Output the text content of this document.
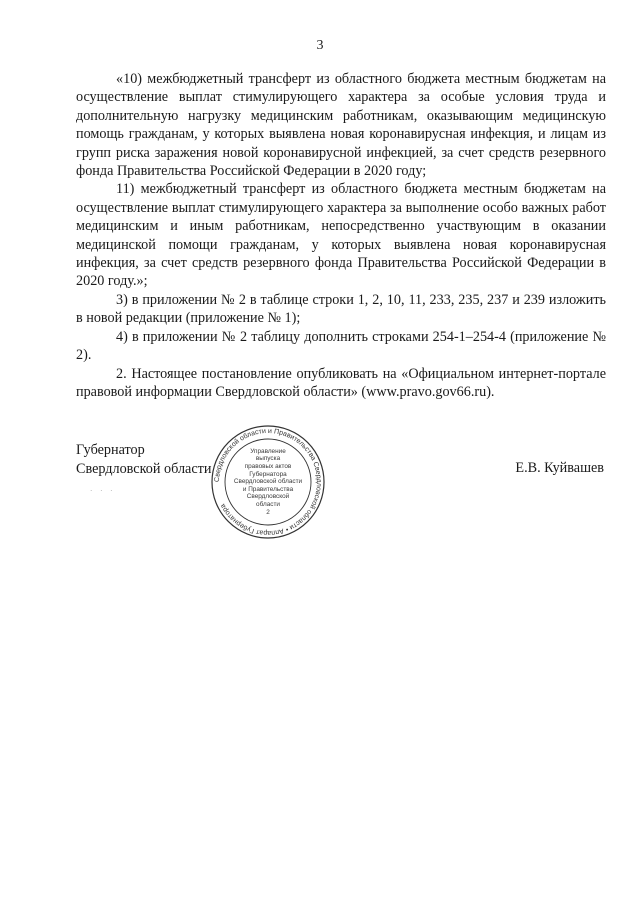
3

«10) межбюджетный трансферт из областного бюджета местным бюджетам на осуществление выплат стимулирующего характера за особые условия труда и дополнительную нагрузку медицинским работникам, оказывающим медицинскую помощь гражданам, у которых выявлена новая коронавирусная инфекция, и лицам из групп риска заражения новой коронавирусной инфекцией, за счет средств резервного фонда Правительства Российской Федерации в 2020 году;

11) межбюджетный трансферт из областного бюджета местным бюджетам на осуществление выплат стимулирующего характера за выполнение особо важных работ медицинским и иным работникам, непосредственно участвующим в оказании медицинской помощи гражданам, у которых выявлена новая коронавирусная инфекция, за счет средств резервного фонда Правительства Российской Федерации в 2020 году.»;

3) в приложении № 2 в таблице строки 1, 2, 10, 11, 233, 235, 237 и 239 изложить в новой редакции (приложение № 1);

4) в приложении № 2 таблицу дополнить строками 254-1–254-4 (приложение № 2).

2. Настоящее постановление опубликовать на «Официальном интернет-портале правовой информации Свердловской области» (www.pravo.gov66.ru).

Губернатор
Свердловской области	Е.В. Куйвашев
· · ·
Свердловской области и Правительства Свердловской области • Аппарат Губернатора
Управление
выпуска
правовых актов
Губернатора
Свердловской области
и Правительства
Свердловской
области
2
